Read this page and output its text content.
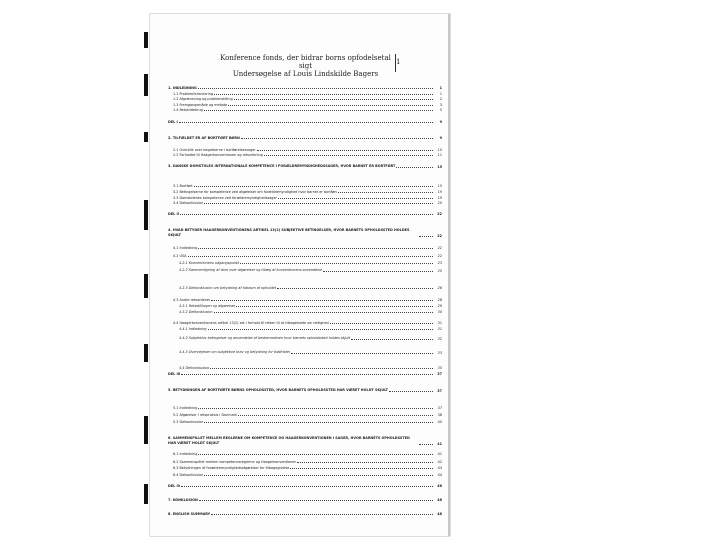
Konference fonds, der bidrar borns opfodelsetal sigt
Undersøgelse af Louis Lindskilde Bagers
1
1. INDLEDNING	1
1.1 Problemformulering	1
1.2 Afgrænsning og problemstilling	2
1.3 Fremgangsmåde og metode	3
1.4 Retskildebrug	5
DEL I	9
2. TILFÆLDET ER AF BORTFØRT BØRN	9
2.1 Overblik over begreberne i bortførelsessager	10
2.2 Forholdet til Haagerkonventionen og retsvirkning	11
3. DANSKE DOMSTOLES INTERNATIONALE KOMPETENCE I FORÆLDREMYNDIGHEDSSAGER, HVOR BARNET ER BORTFØRT	15
3.1 Bortført	15
3.2 Betingelserne for kompetence ved afgørelser om forældremyndighed hvor barnet er bortført	19
3.3 Domstolenes kompetence ved forældremyndighedssager	19
3.4 Delkonklusion	20
DEL II	22
4. HVAD BETYDER HAAGERKONVENTIONENS ARTIKEL 13(2) SUBJEKTIVE BETINGELSER, HVOR BARNETS OPHOLDSSTED HOLDES SKJULT	22
4.1 Indledning	22
4.2 USA	22
4.2.1 Konventionens udgangspunkt	23
4.2.2 Sammenligning af dom over afgørelser og tillæg af konventionens anvendelse	25
4.2.3 Delkonklusion om betydning af tidsrum af opholdet	26
4.3 Andre retsordener	28
4.3.1 Retsstillingen og afgørelser	29
4.3.2 Delkonklusion	30
4.4 Haagerkonventionens artikel 13(2) set i forhold til retten til at tilbagekalde sin rettighed	31
4.4.1 Indledning	31
4.4.2 Subjektive betingelser og anvendelse af bestemmelsen hvor barnets opholdssted holdes skjult	32
4.4.3 Overvejelser om subjektive krav og betydning for tidsfrister	33
4.5 Delkonklusion	35
DEL III	37
5. BETYDNINGEN AF BORTFØRTE BØRNS OPHOLDSSTED, HVOR BARNETS OPHOLDSSTED HAR VÆRET HOLDT SKJULT	37
5.1 Indledning	37
5.2 Afgørelser i retspraksis i Danmark	38
5.3 Delkonklusion	40
6. SAMMENSPILLET MELLEM REGLERNE OM KOMPETENCE OG HAAGERKONVENTIONEN I SAGER, HVOR BARNETS OPHOLDSSTED HAR VÆRET HOLDT SKJULT	41
6.1 Indledning	41
6.2 Sammenspillet mellem kompetencereglerne og Haagerkonventionen	42
6.3 Betydningen af forældremyndighedsafgørelser for tilbagegivelse	43
6.4 Delkonklusion	44
DEL IV	46
7. KONKLUSION	46
8. ENGLISH SUMMARY	48
